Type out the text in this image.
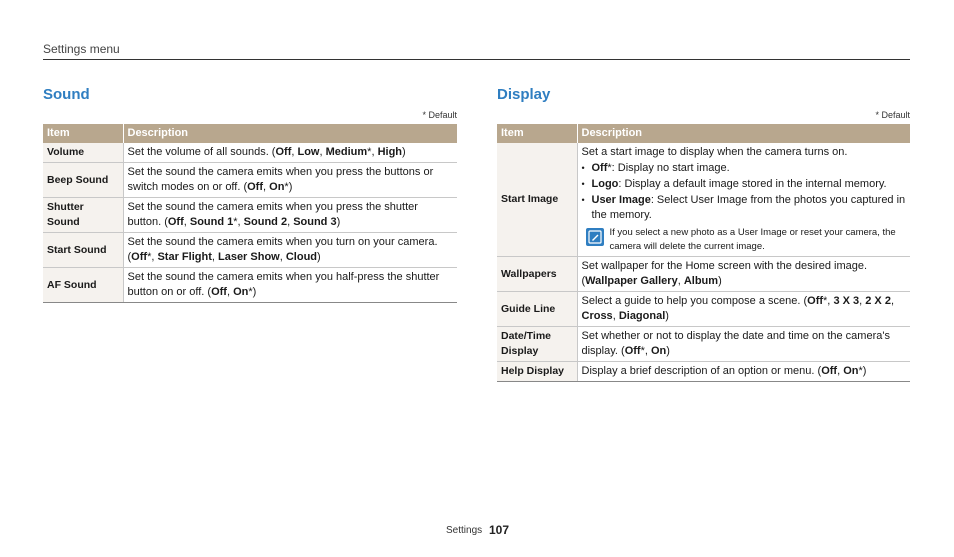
Settings menu
Sound
* Default
Item	Description
Volume	Set the volume of all sounds. (Off, Low, Medium*, High)
Beep Sound	Set the sound the camera emits when you press the buttons or switch modes on or off. (Off, On*)
Shutter Sound	Set the sound the camera emits when you press the shutter button. (Off, Sound 1*, Sound 2, Sound 3)
Start Sound	Set the sound the camera emits when you turn on your camera. (Off*, Star Flight, Laser Show, Cloud)
AF Sound	Set the sound the camera emits when you half-press the shutter button on or off. (Off, On*)
Display
* Default
Item	Description
Start Image	Set a start image to display when the camera turns on.
• Off*: Display no start image.
• Logo: Display a default image stored in the internal memory.
• User Image: Select User Image from the photos you captured in the memory.
If you select a new photo as a User Image or reset your camera, the camera will delete the current image.

Wallpapers	Set wallpaper for the Home screen with the desired image. (Wallpaper Gallery, Album)
Guide Line	Select a guide to help you compose a scene. (Off*, 3 X 3, 2 X 2, Cross, Diagonal)
Date/Time Display	Set whether or not to display the date and time on the camera's display. (Off*, On)
Help Display	Display a brief description of an option or menu. (Off, On*)
Settings 107
